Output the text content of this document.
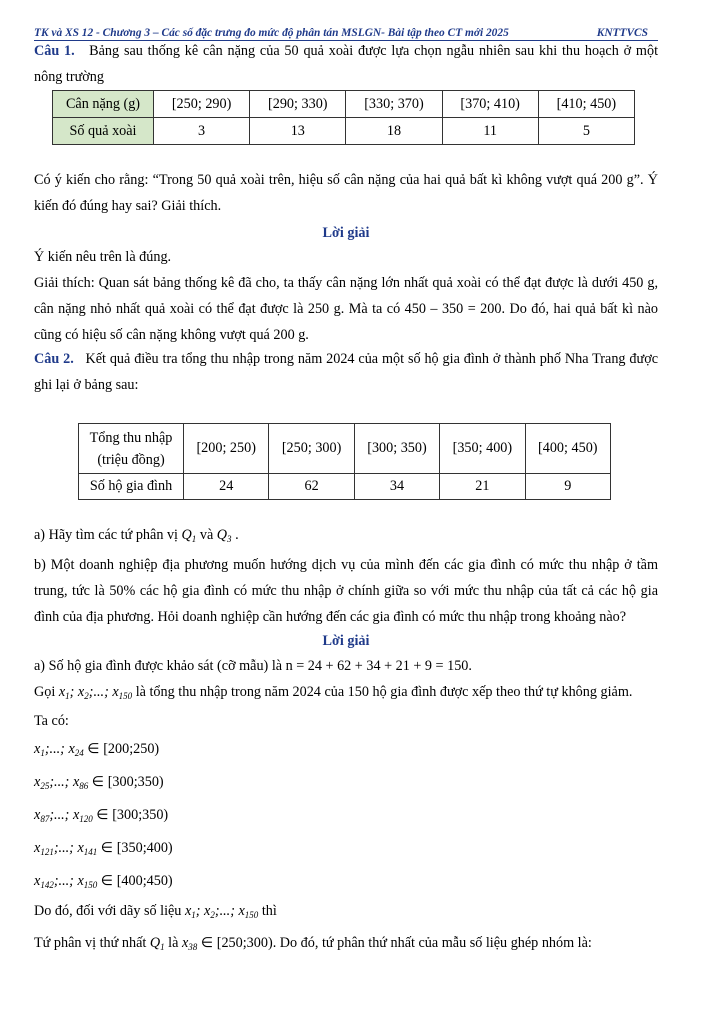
TK và XS 12 - Chương 3 – Các số đặc trưng đo mức độ phân tán MSLGN- Bài tập theo CT mới 2025	KNTTVCS
Câu 1. Bảng sau thống kê cân nặng của 50 quả xoài được lựa chọn ngẫu nhiên sau khi thu hoạch ở một nông trường
Cân nặng (g)	[250; 290)	[290; 330)	[330; 370)	[370; 410)	[410; 450)
Số quả xoài	3	13	18	11	5
Có ý kiến cho rằng: “Trong 50 quả xoài trên, hiệu số cân nặng của hai quả bất kì không vượt quá 200 g”. Ý kiến đó đúng hay sai? Giải thích.
Lời giải
Ý kiến nêu trên là đúng.
Giải thích: Quan sát bảng thống kê đã cho, ta thấy cân nặng lớn nhất quả xoài có thể đạt được là dưới 450 g, cân nặng nhỏ nhất quả xoài có thể đạt được là 250 g. Mà ta có 450 – 350 = 200. Do đó, hai quả bất kì nào cũng có hiệu số cân nặng không vượt quá 200 g.
Câu 2. Kết quả điều tra tổng thu nhập trong năm 2024 của một số hộ gia đình ở thành phố Nha Trang được ghi lại ở bảng sau:
Tổng thu nhập
(triệu đồng)	[200; 250)	[250; 300)	[300; 350)	[350; 400)	[400; 450)
Số hộ gia đình	24	62	34	21	9
a) Hãy tìm các tứ phân vị $Q_1$ và $Q_3$ .
b) Một doanh nghiệp địa phương muốn hướng dịch vụ của mình đến các gia đình có mức thu nhập ở tầm trung, tức là 50% các hộ gia đình có mức thu nhập ở chính giữa so với mức thu nhập của tất cả các hộ gia đình của địa phương. Hỏi doanh nghiệp cần hướng đến các gia đình có mức thu nhập trong khoảng nào?
Lời giải
a) Số hộ gia đình được khảo sát (cỡ mẫu) là n = 24 + 62 + 34 + 21 + 9 = 150.
Gọi $x_1$; $x_2$;...; $x_{150}$ là tổng thu nhập trong năm 2024 của 150 hộ gia đình được xếp theo thứ tự không giảm.
Ta có:
$x_1$;...; $x_{24}$ ∈ [200;250)
$x_{25}$;...; $x_{86}$ ∈ [300;350)
$x_{87}$;...; $x_{120}$ ∈ [300;350)
$x_{121}$;...; $x_{141}$ ∈ [350;400)
$x_{142}$;...; $x_{150}$ ∈ [400;450)
Do đó, đối với dãy số liệu $x_1$; $x_2$;...; $x_{150}$ thì
Tứ phân vị thứ nhất $Q_1$ là $x_{38}$ ∈ [250;300). Do đó, tứ phân thứ nhất của mẫu số liệu ghép nhóm là:
